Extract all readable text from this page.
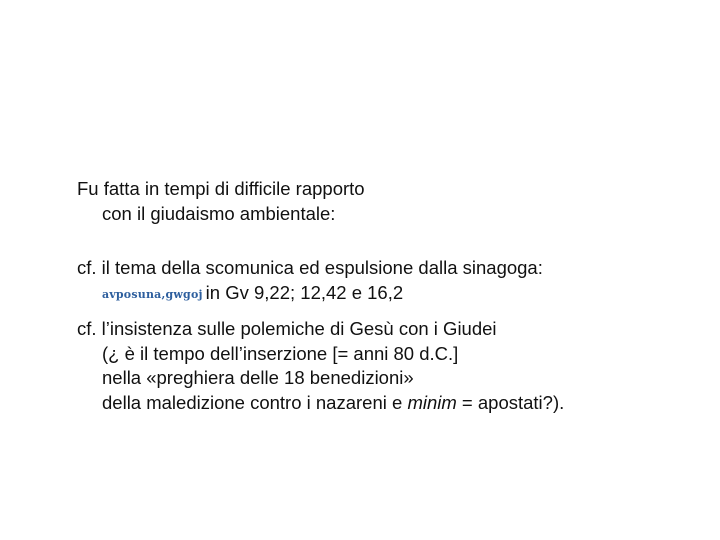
Fu fatta in tempi di difficile rapporto
con il giudaismo ambientale:
cf. il tema della scomunica ed espulsione dalla sinagoga:
avposuna,gwgoj in Gv 9,22; 12,42 e 16,2
cf. l’insistenza sulle polemiche di Gesù con i Giudei
(¿ è il tempo dell’inserzione [= anni 80 d.C.]
nella «preghiera delle 18 benedizioni»
della maledizione contro i nazareni e minim = apostati?).
